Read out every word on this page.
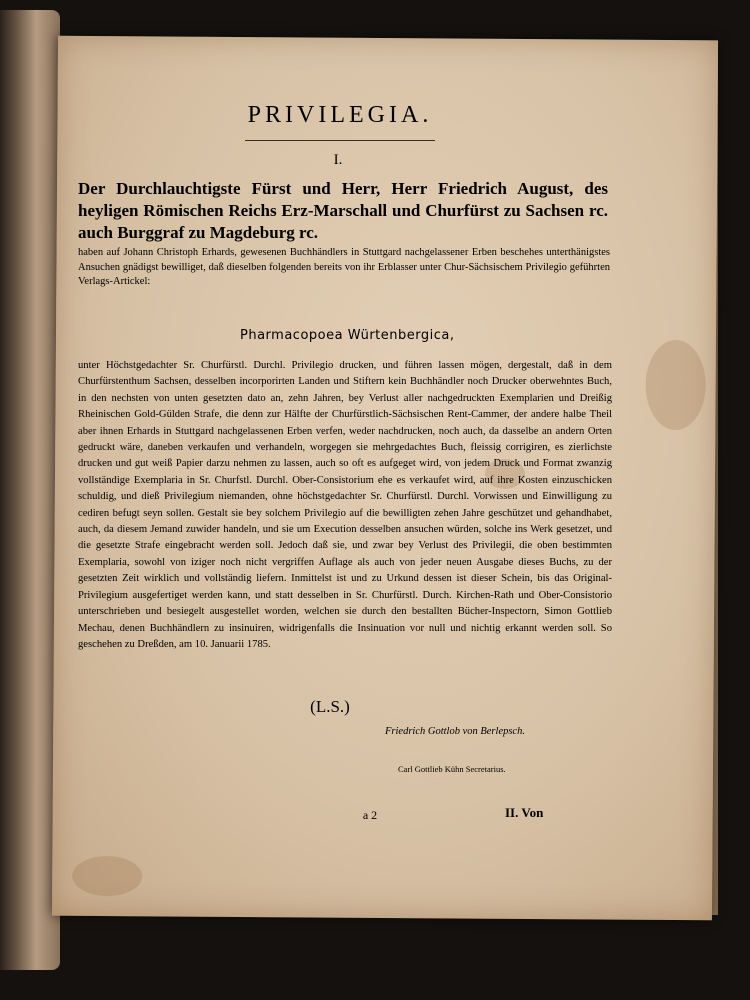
PRIVILEGIA.
I.
Der Durchlauchtigste Fürst und Herr, Herr Friedrich August, des heyligen Römischen Reichs Erz-Marschall und Churfürst zu Sachsen rc. auch Burggraf zu Magdeburg rc.
haben auf Johann Christoph Erhards, gewesenen Buchhändlers in Stuttgard nachgelassener Erben beschehes unterthänigstes Ansuchen gnädigst bewilliget, daß dieselben folgenden bereits von ihr Erblasser unter Chur-Sächsischem Privilegio geführten Verlags-Artickel:
Pharmacopoea Würtenbergica,
unter Höchstgedachter Sr. Churfürstl. Durchl. Privilegio drucken, und führen lassen mögen, dergestalt, daß in dem Churfürstenthum Sachsen, desselben incorporirten Landen und Stiftern kein Buchhändler noch Drucker oberwehntes Buch, in den nechsten von unten gesetzten dato an, zehn Jahren, bey Verlust aller nachgedruckten Exemplarien und Dreißig Rheinischen Gold-Gülden Strafe, die denn zur Hälfte der Churfürstlich-Sächsischen Rent-Cammer, der andere halbe Theil aber ihnen Erhards in Stuttgard nachgelassenen Erben verfen, weder nachdrucken, noch auch, da dasselbe an andern Orten gedruckt wäre, daneben verkaufen und verhandeln, worgegen sie mehrgedachtes Buch, fleissig corrigiren, es zierlichste drucken und gut weiß Papier darzu nehmen zu lassen, auch so oft es aufgeget wird, von jedem Druck und Format zwanzig vollständige Exemplaria in Sr. Churfstl. Durchl. Ober-Consistorium ehe es verkaufet wird, auf ihre Kosten einzuschicken schuldig, und dieß Privilegium niemanden, ohne höchstgedachter Sr. Churfürstl. Durchl. Vorwissen und Einwilligung zu cediren befugt seyn sollen. Gestalt sie bey solchem Privilegio auf die bewilligten zehen Jahre geschützet und gehandhabet, auch, da diesem Jemand zuwider handeln, und sie um Execution desselben ansuchen würden, solche ins Werk gesetzet, und die gesetzte Strafe eingebracht werden soll. Jedoch daß sie, und zwar bey Verlust des Privilegii, die oben bestimmten Exemplaria, sowohl von iziger noch nicht vergriffen Auflage als auch von jeder neuen Ausgabe dieses Buchs, zu der gesetzten Zeit wirklich und vollständig liefern. Inmittelst ist und zu Urkund dessen ist dieser Schein, bis das Original-Privilegium ausgefertiget werden kann, und statt desselben in Sr. Churfürstl. Durch. Kirchen-Rath und Ober-Consistorio unterschrieben und besiegelt ausgestellet worden, welchen sie durch den bestallten Bücher-Inspectorn, Simon Gottlieb Mechau, denen Buchhändlern zu insinuiren, widrigenfalls die Insinuation vor null und nichtig erkannt werden soll. So geschehen zu Dreßden, am 10. Januarii 1785.
(L.S.)
Friedrich Gottlob von Berlepsch.
Carl Gottlieb Kühn Secretarius.
a 2	II. Von
